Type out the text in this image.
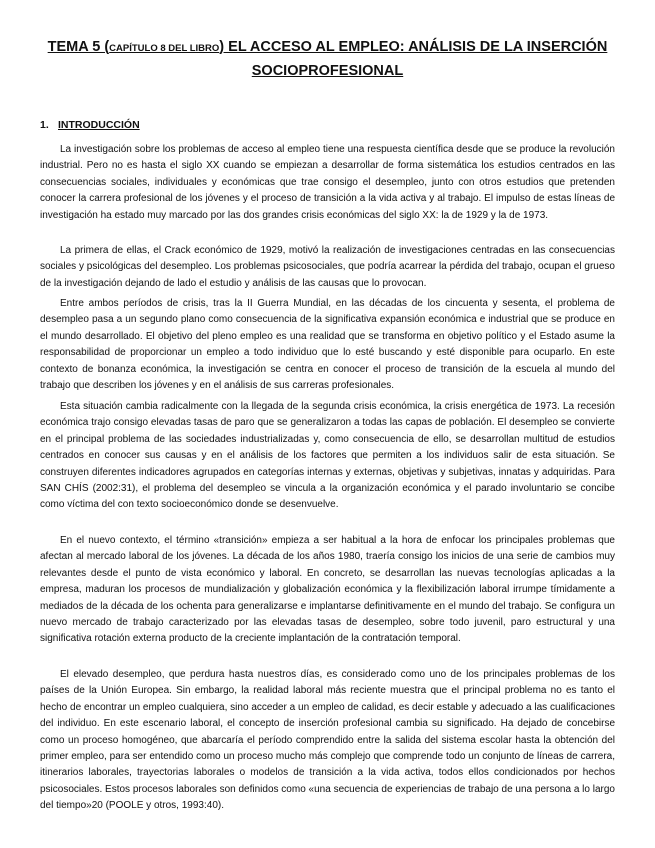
TEMA 5 (CAPÍTULO 8 DEL LIBRO) EL ACCESO AL EMPLEO: ANÁLISIS DE LA INSERCIÓN
SOCIOPROFESIONAL
1. INTRODUCCIÓN

La investigación sobre los problemas de acceso al empleo tiene una respuesta científica desde que se produce la revolución industrial. Pero no es hasta el siglo XX cuando se empiezan a desarrollar de forma sistemática los estudios centrados en las consecuencias sociales, individuales y económicas que trae consigo el desempleo, junto con otros estudios que pretenden conocer la carrera profesional de los jóvenes y el proceso de transición a la vida activa y al trabajo. El impulso de estas líneas de investigación ha estado muy marcado por las dos grandes crisis económicas del siglo XX: la de 1929 y la de 1973.

La primera de ellas, el Crack económico de 1929, motivó la realización de investigaciones centradas en las consecuencias sociales y psicológicas del desempleo. Los problemas psicosociales, que podría acarrear la pérdida del trabajo, ocupan el grueso de la investigación dejando de lado el estudio y análisis de las causas que lo provocan.

Entre ambos períodos de crisis, tras la II Guerra Mundial, en las décadas de los cincuenta y sesenta, el problema de desempleo pasa a un segundo plano como consecuencia de la significativa expansión económica e industrial que se produce en el mundo desarrollado. El objetivo del pleno empleo es una realidad que se transforma en objetivo político y el Estado asume la responsabilidad de proporcionar un empleo a todo individuo que lo esté buscando y esté disponible para ocuparlo. En este contexto de bonanza económica, la investigación se centra en conocer el proceso de transición de la escuela al mundo del trabajo que describen los jóvenes y en el análisis de sus carreras profesionales.

Esta situación cambia radicalmente con la llegada de la segunda crisis económica, la crisis energética de 1973. La recesión económica trajo consigo elevadas tasas de paro que se generalizaron a todas las capas de población. El desempleo se convierte en el principal problema de las sociedades industrializadas y, como consecuencia de ello, se desarrollan multitud de estudios centrados en conocer sus causas y en el análisis de los factores que permiten a los individuos salir de esta situación. Se construyen diferentes indicadores agrupados en categorías internas y externas, objetivas y subjetivas, innatas y adquiridas. Para SAN CHÍS (2002:31), el problema del desempleo se vincula a la organización económica y el parado involuntario se concibe como víctima del con texto socioeconómico donde se desenvuelve.

En el nuevo contexto, el término «transición» empieza a ser habitual a la hora de enfocar los principales problemas que afectan al mercado laboral de los jóvenes. La década de los años 1980, traería consigo los inicios de una serie de cambios muy relevantes desde el punto de vista económico y laboral. En concreto, se desarrollan las nuevas tecnologías aplicadas a la empresa, maduran los procesos de mundialización y globalización económica y la flexibilización laboral irrumpe tímidamente a mediados de la década de los ochenta para generalizarse e implantarse definitivamente en el mundo del trabajo. Se configura un nuevo mercado de trabajo caracterizado por las elevadas tasas de desempleo, sobre todo juvenil, paro estructural y una significativa rotación externa producto de la creciente implantación de la contratación temporal.

El elevado desempleo, que perdura hasta nuestros días, es considerado como uno de los principales problemas de los países de la Unión Europea. Sin embargo, la realidad laboral más reciente muestra que el principal problema no es tanto el hecho de encontrar un empleo cualquiera, sino acceder a un empleo de calidad, es decir estable y adecuado a las cualificaciones del individuo. En este escenario laboral, el concepto de inserción profesional cambia su significado. Ha dejado de concebirse como un proceso homogéneo, que abarcaría el período comprendido entre la salida del sistema escolar hasta la obtención del primer empleo, para ser entendido como un proceso mucho más complejo que comprende todo un conjunto de líneas de carrera, itinerarios laborales, trayectorias laborales o modelos de transición a la vida activa, todos ellos condicionados por hechos psicosociales. Estos procesos laborales son definidos como «una secuencia de experiencias de trabajo de una persona a lo largo del tiempo»20 (POOLE y otros, 1993:40).
